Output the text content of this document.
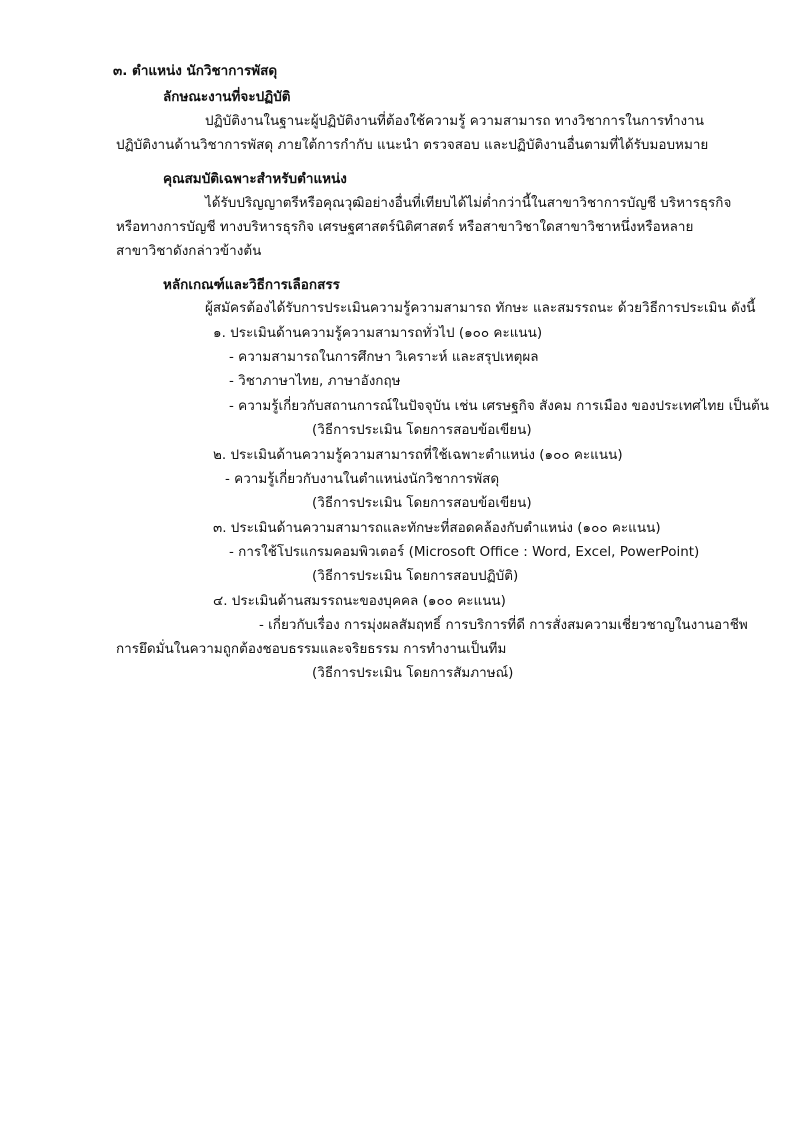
๓. ตำแหน่ง นักวิชาการพัสดุ
ลักษณะงานที่จะปฏิบัติ
ปฏิบัติงานในฐานะผู้ปฏิบัติงานที่ต้องใช้ความรู้ ความสามารถ ทางวิชาการในการทำงาน
ปฏิบัติงานด้านวิชาการพัสดุ ภายใต้การกำกับ แนะนำ ตรวจสอบ และปฏิบัติงานอื่นตามที่ได้รับมอบหมาย
คุณสมบัติเฉพาะสำหรับตำแหน่ง
ได้รับปริญญาตรีหรือคุณวุฒิอย่างอื่นที่เทียบได้ไม่ต่ำกว่านี้ในสาขาวิชาการบัญชี บริหารธุรกิจ
หรือทางการบัญชี ทางบริหารธุรกิจ เศรษฐศาสตร์นิติศาสตร์ หรือสาขาวิชาใดสาขาวิชาหนึ่งหรือหลาย
สาขาวิชาดังกล่าวข้างต้น
หลักเกณฑ์และวิธีการเลือกสรร
ผู้สมัครต้องได้รับการประเมินความรู้ความสามารถ ทักษะ และสมรรถนะ ด้วยวิธีการประเมิน ดังนี้
๑. ประเมินด้านความรู้ความสามารถทั่วไป (๑๐๐ คะแนน)
- ความสามารถในการศึกษา วิเคราะห์ และสรุปเหตุผล
- วิชาภาษาไทย, ภาษาอังกฤษ
- ความรู้เกี่ยวกับสถานการณ์ในปัจจุบัน เช่น เศรษฐกิจ สังคม การเมือง ของประเทศไทย เป็นต้น
(วิธีการประเมิน โดยการสอบข้อเขียน)
๒. ประเมินด้านความรู้ความสามารถที่ใช้เฉพาะตำแหน่ง (๑๐๐ คะแนน)
- ความรู้เกี่ยวกับงานในตำแหน่งนักวิชาการพัสดุ
(วิธีการประเมิน โดยการสอบข้อเขียน)
๓. ประเมินด้านความสามารถและทักษะที่สอดคล้องกับตำแหน่ง (๑๐๐ คะแนน)
- การใช้โปรแกรมคอมพิวเตอร์ (Microsoft Office : Word, Excel, PowerPoint)
(วิธีการประเมิน โดยการสอบปฏิบัติ)
๔. ประเมินด้านสมรรถนะของบุคคล (๑๐๐ คะแนน)
- เกี่ยวกับเรื่อง การมุ่งผลสัมฤทธิ์ การบริการที่ดี การสั่งสมความเชี่ยวชาญในงานอาชีพ
การยึดมั่นในความถูกต้องชอบธรรมและจริยธรรม การทำงานเป็นทีม
(วิธีการประเมิน โดยการสัมภาษณ์)
